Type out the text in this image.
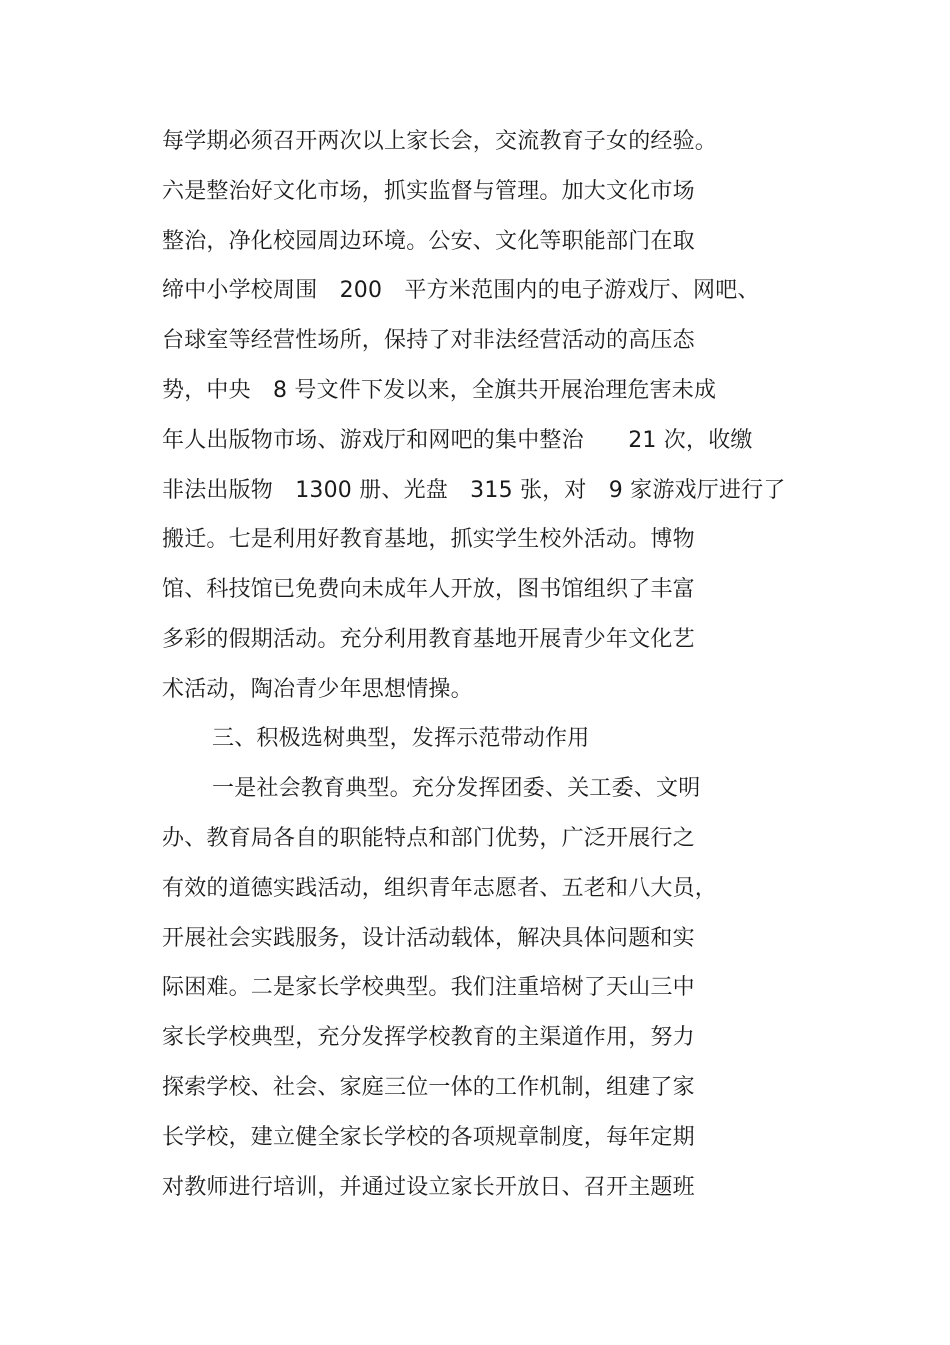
每学期必须召开两次以上家长会，交流教育子女的经验。
六是整治好文化市场，抓实监督与管理。加大文化市场
整治，净化校园周边环境。公安、文化等职能部门在取
缔中小学校周围　200　平方米范围内的电子游戏厅、网吧、
台球室等经营性场所，保持了对非法经营活动的高压态
势，中央　8 号文件下发以来，全旗共开展治理危害未成
年人出版物市场、游戏厅和网吧的集中整治　　21 次，收缴
非法出版物　1300 册、光盘　315 张，对　9 家游戏厅进行了
搬迁。七是利用好教育基地，抓实学生校外活动。博物
馆、科技馆已免费向未成年人开放，图书馆组织了丰富
多彩的假期活动。充分利用教育基地开展青少年文化艺
术活动，陶冶青少年思想情操。
三、积极选树典型，发挥示范带动作用
一是社会教育典型。充分发挥团委、关工委、文明
办、教育局各自的职能特点和部门优势，广泛开展行之
有效的道德实践活动，组织青年志愿者、五老和八大员，
开展社会实践服务，设计活动载体，解决具体问题和实
际困难。二是家长学校典型。我们注重培树了天山三中
家长学校典型，充分发挥学校教育的主渠道作用，努力
探索学校、社会、家庭三位一体的工作机制，组建了家
长学校，建立健全家长学校的各项规章制度，每年定期
对教师进行培训，并通过设立家长开放日、召开主题班
